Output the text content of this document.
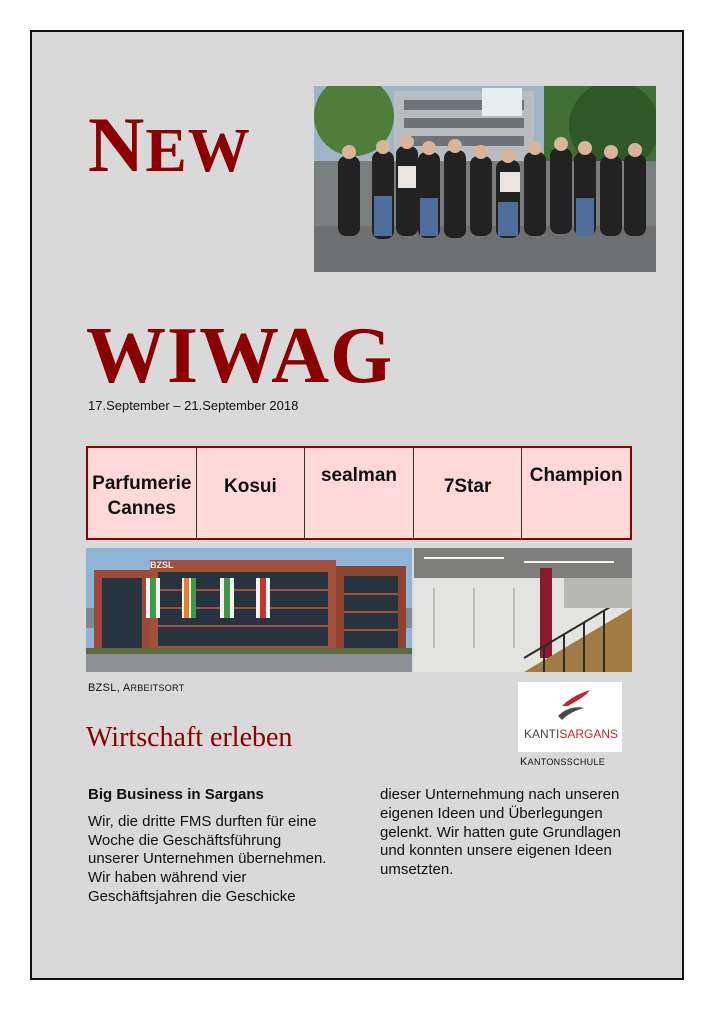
NEW
WIWAG
17.September – 21.September 2018
Parfumerie Cannes
Kosui
sealman
7Star
Champion
BZSL
BZSL, ARBEITSORT
Wirtschaft erleben	KANTISARGANS
KANTONSSCHULE
Big Business in Sargans

Wir, die dritte FMS durften für eine Woche die Geschäftsführung unserer Unternehmen übernehmen. Wir haben während vier Geschäftsjahren die Geschicke

dieser Unternehmung nach unseren eigenen Ideen und Überlegungen gelenkt. Wir hatten gute Grundlagen und konnten unsere eigenen Ideen umsetzten.
